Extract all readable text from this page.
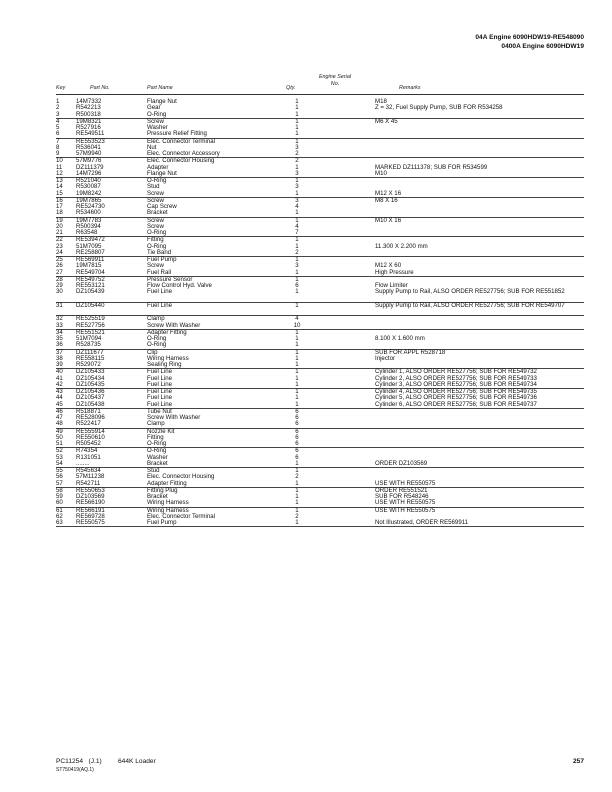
04A Engine 6090HDW19-RE548090
0400A Engine 6090HDW19
Key	Part No.	Part Name	Qty.
Engine Serial No.
Remarks
1	14M7332	Flange Nut	1	M18
2	R542213	Gear	1	Z = 32, Fuel Supply Pump, SUB FOR R534258
3	R500318	O-Ring	1
4	19M8321	Screw	1	M6 X 45
5	R527916	Washer	1
6	RE549511	Pressure Relief Fitting	1
7	RE553523	Elec. Connector Terminal	1
8	R536041	Nut	3
9	57M9940	Elec. Connector Accessory	2
10 57M9776	Elec. Connector Housing	2
11 DZ111379	Adapter	1	MARKED DZ111378; SUB FOR R534599
12 14M7296	Flange Nut	3	M10
13 R521040	O-Ring	1
14 R530087	Stud	3
15 19M8242	Screw	1	M12 X 16
16 19M7865	Screw	3	M8 X 16
17 RE524730	Cap Screw	4
18 R534600	Bracket	1
19 19M7783	Screw	1	M10 X 16
20 R500394	Screw	4
21 R63548	O-Ring	7
22 RE539472	Fitting	1
23 51M7095	O-Ring	1	11.300 X 2.200 mm
24 RE258807	Tie Band	2
25 RE569911	Fuel Pump	1
26 19M7815	Screw	3	M12 X 60
27 RE549704	Fuel Rail	1	High Pressure
28 RE549752	Pressure Sensor	1
29 RE553121	Flow Control Hyd. Valve	6	Flow Limiter
30 DZ105439	Fuel Line	1	Supply Pump to Rail, ALSO ORDER RE527756; SUB FOR RE551852
31 DZ105440	Fuel Line	1	Supply Pump to Rail, ALSO ORDER RE527756; SUB FOR RE549707
32 RE525519	Clamp	4
33 RE527756	Screw With Washer	10
34 RE551521	Adapter Fitting	1
35 51M7094	O-Ring	1	8.100 X 1.600 mm
36 R528735	O-Ring	1
37 DZ111677	Clip	1	SUB FOR APPL R528718
38 RE558115	Wiring Harness	1	Injector
39 R529072	Sealing Ring	1
40 DZ105433	Fuel Line	1	Cylinder 1, ALSO ORDER RE527756; SUB FOR RE549732
41 DZ105434	Fuel Line	1	Cylinder 2, ALSO ORDER RE527756; SUB FOR RE549733
42 DZ105435	Fuel Line	1	Cylinder 3, ALSO ORDER RE527756; SUB FOR RE549734
43 DZ105436	Fuel Line	1	Cylinder 4, ALSO ORDER RE527756; SUB FOR RE549735
44 DZ105437	Fuel Line	1	Cylinder 5, ALSO ORDER RE527756; SUB FOR RE549736
45 DZ105438	Fuel Line	1	Cylinder 6, ALSO ORDER RE527756; SUB FOR RE549737
46 R518871	Tube Nut	6
47 RE528096	Screw With Washer	6
48 R522417	Clamp	6
49 RE555914	Nozzle Kit	6
50 RE550610	Fitting	6
51 R505452	O-Ring	6
52 R74354	O-Ring	6
53 R131051	Washer	6
54 ........	Bracket	1	ORDER DZ103569
55 R545634	Stud	1
56 57M11238	Elec. Connector Housing	2
57 R542711	Adapter Fitting	1	USE WITH RE550575
58 RE550653	Fitting Plug	1	ORDER RE551521
59 DZ103569	Bracket	1	SUB FOR R548246
60 RE566190	Wiring Harness	1	USE WITH RE550575
61 RE566191	Wiring Harness	1	USE WITH RE550575
62 RE569728	Elec. Connector Terminal	2
63 RE550575	Fuel Pump	1	Not Illustrated, ORDER RE569911
PC11254 (J.1) 644K Loader	257
ST750419(AQ.1)
